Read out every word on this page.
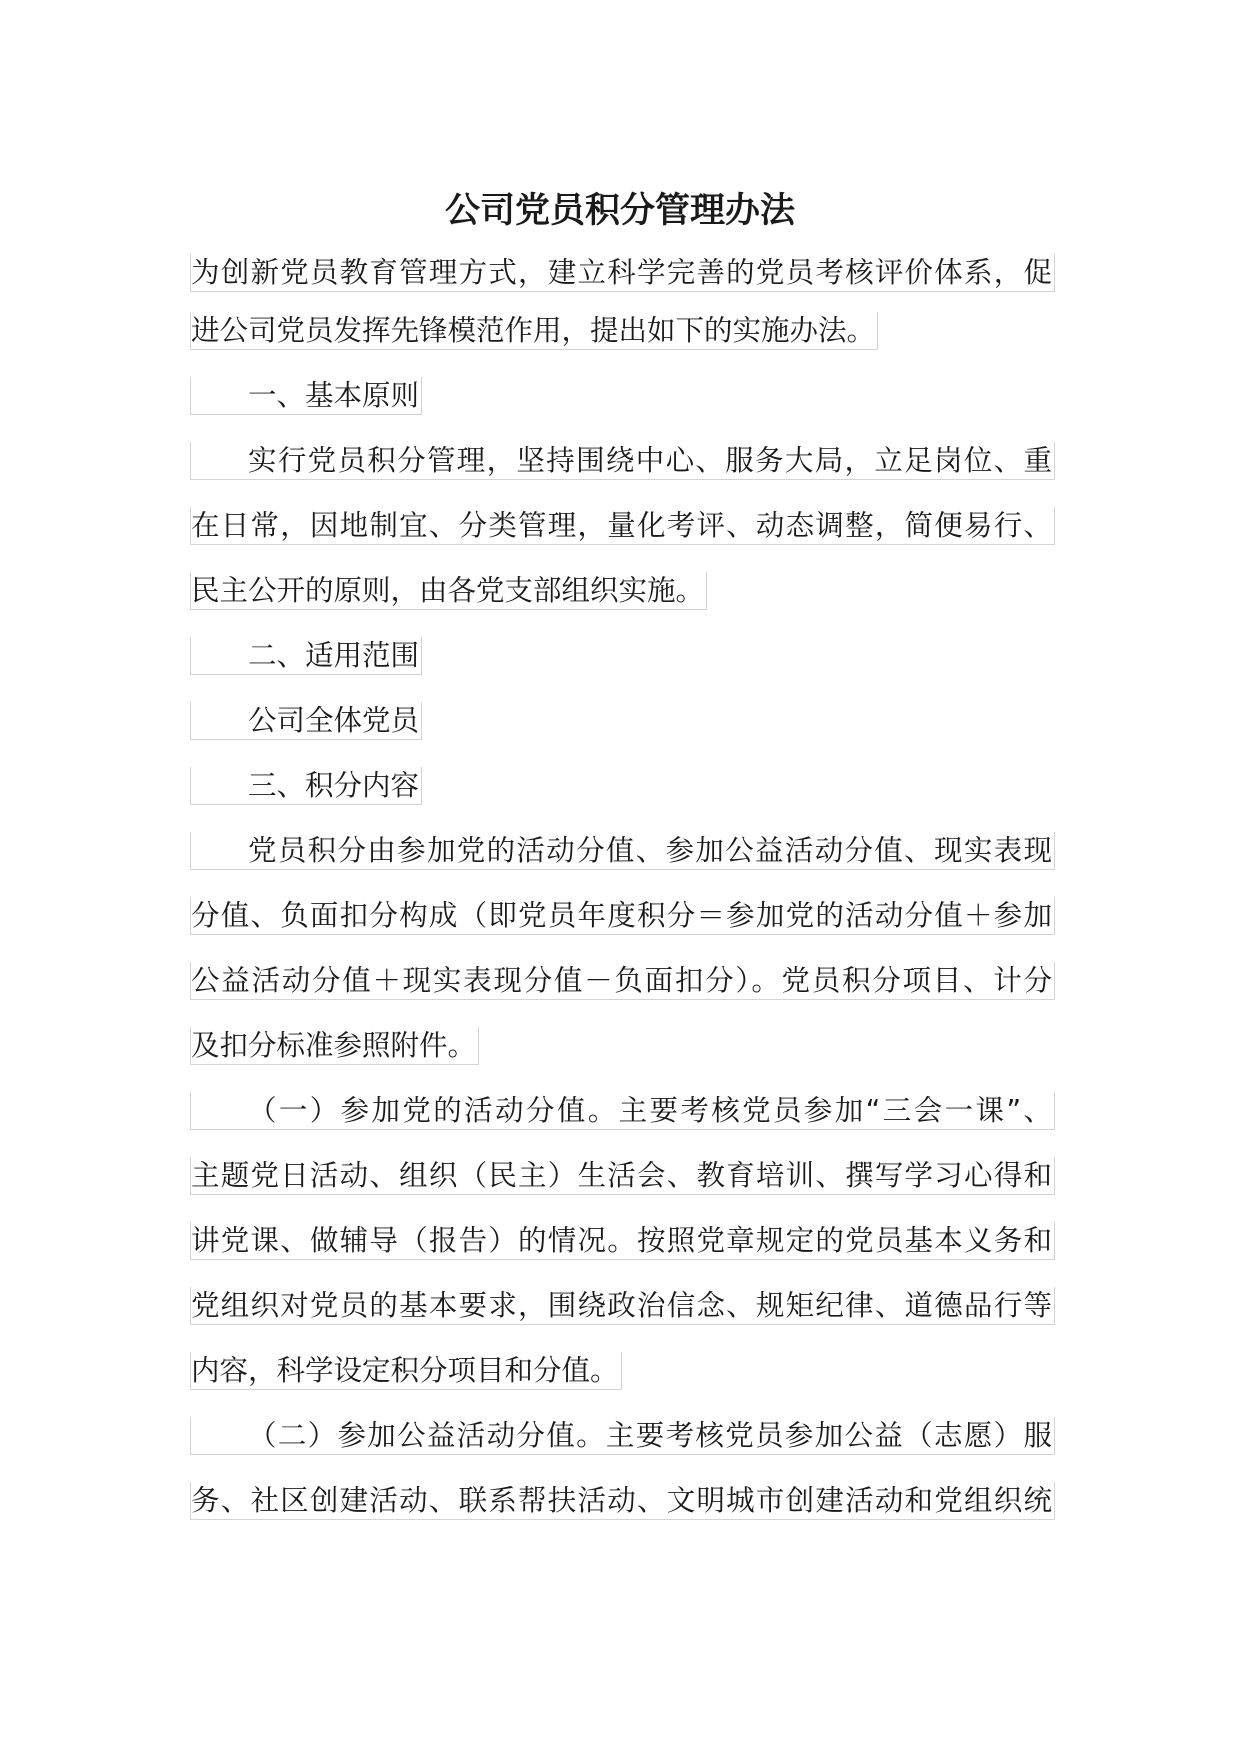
公司党员积分管理办法
为创新党员教育管理方式，建立科学完善的党员考核评价体系，促
进公司党员发挥先锋模范作用，提出如下的实施办法。
一、基本原则
实行党员积分管理，坚持围绕中心、服务大局，立足岗位、重
在日常，因地制宜、分类管理，量化考评、动态调整，简便易行、
民主公开的原则，由各党支部组织实施。
二、适用范围
公司全体党员
三、积分内容
党员积分由参加党的活动分值、参加公益活动分值、现实表现
分值、负面扣分构成（即党员年度积分＝参加党的活动分值＋参加
公益活动分值＋现实表现分值－负面扣分）。党员积分项目、计分
及扣分标准参照附件。
（一）参加党的活动分值。主要考核党员参加“三会一课”、
主题党日活动、组织（民主）生活会、教育培训、撰写学习心得和
讲党课、做辅导（报告）的情况。按照党章规定的党员基本义务和
党组织对党员的基本要求，围绕政治信念、规矩纪律、道德品行等
内容，科学设定积分项目和分值。
（二）参加公益活动分值。主要考核党员参加公益（志愿）服
务、社区创建活动、联系帮扶活动、文明城市创建活动和党组织统
